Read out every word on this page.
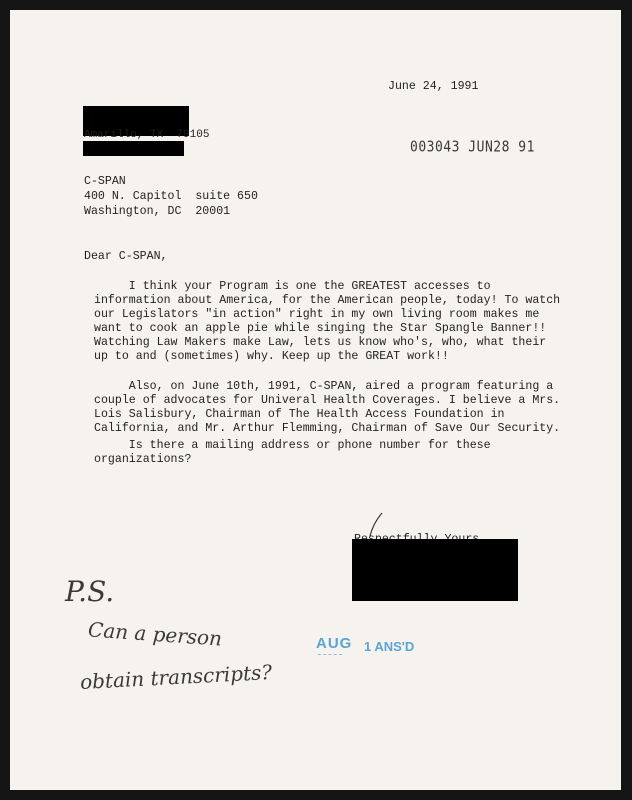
June 24, 1991
Amarillo, TX  79105
003043 JUN28 91
C-SPAN
400 N. Capitol  suite 650
Washington, DC  20001
Dear C-SPAN,
I think your Program is one the GREATEST accesses to
information about America, for the American people, today! To watch
our Legislators "in action" right in my own living room makes me
want to cook an apple pie while singing the Star Spangle Banner!!
Watching Law Makers make Law, lets us know who's, who, what their
up to and (sometimes) why. Keep up the GREAT work!!
Also, on June 10th, 1991, C-SPAN, aired a program featuring a
couple of advocates for Univeral Health Coverages. I believe a Mrs.
Lois Salisbury, Chairman of The Health Access Foundation in
California, and Mr. Arthur Flemming, Chairman of Save Our Security.
Is there a mailing address or phone number for these
organizations?
P.S.
Can a person
obtain transcripts?
AUG 1 ANS'D
